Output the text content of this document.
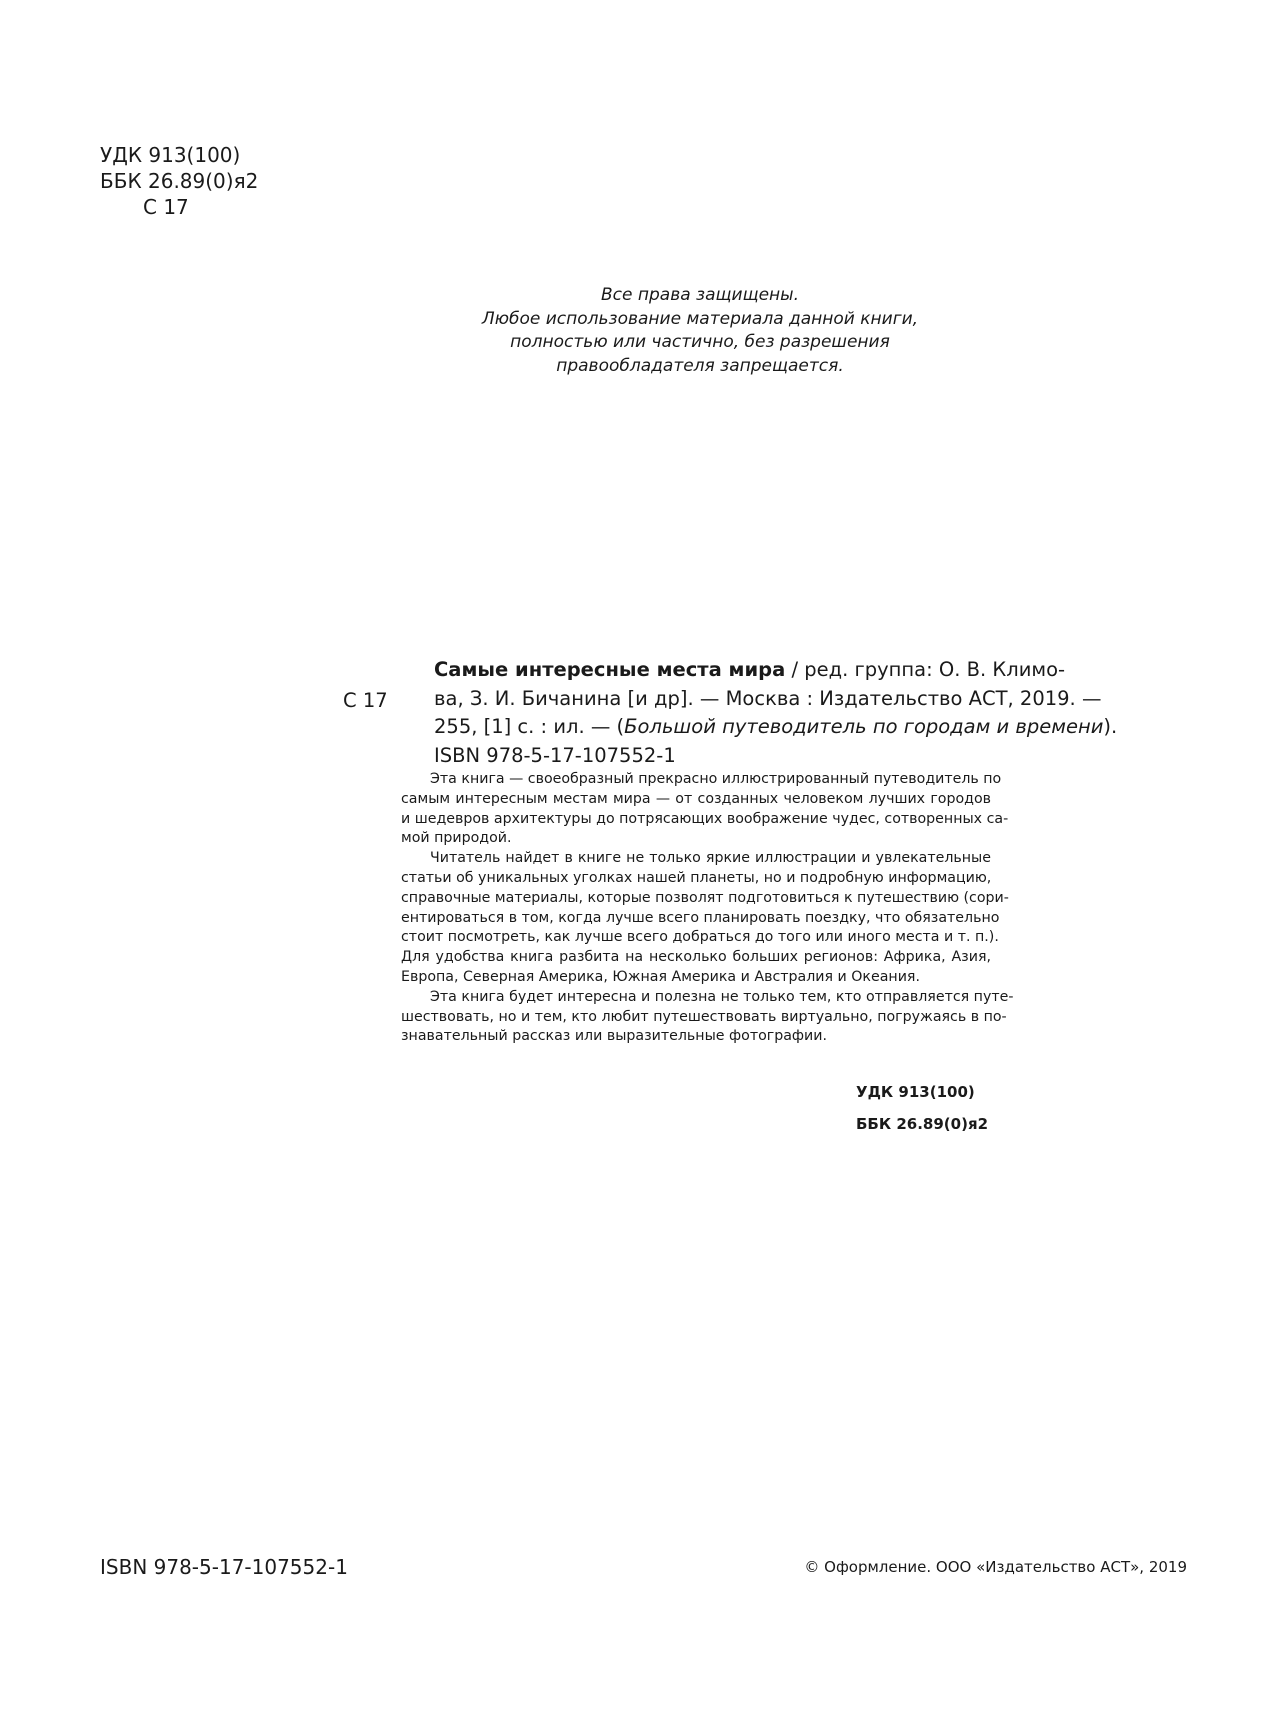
УДК 913(100)
ББК 26.89(0)я2
С 17
Все права защищены.
Любое использование материала данной книги,
полностью или частично, без разрешения
правообладателя запрещается.
С 17
Самые интересные места мира / ред. группа: О. В. Климо-
ва, З. И. Бичанина [и др]. — Москва : Издательство АСТ, 2019. —
255, [1] с. : ил. — (Большой путеводитель по городам и времени).
ISBN 978-5-17-107552-1
Эта книга — своеобразный прекрасно иллюстрированный путеводитель по
самым интересным местам мира — от созданных человеком лучших городов
и шедевров архитектуры до потрясающих воображение чудес, сотворенных са-
мой природой.
Читатель найдет в книге не только яркие иллюстрации и увлекательные
статьи об уникальных уголках нашей планеты, но и подробную информацию,
справочные материалы, которые позволят подготовиться к путешествию (сори-
ентироваться в том, когда лучше всего планировать поездку, что обязательно
стоит посмотреть, как лучше всего добраться до того или иного места и т. п.).
Для удобства книга разбита на несколько больших регионов: Африка, Азия,
Европа, Северная Америка, Южная Америка и Австралия и Океания.
Эта книга будет интересна и полезна не только тем, кто отправляется путе-
шествовать, но и тем, кто любит путешествовать виртуально, погружаясь в по-
знавательный рассказ или выразительные фотографии.
УДК 913(100)
ББК 26.89(0)я2
ISBN 978-5-17-107552-1	© Оформление. ООО «Издательство АСТ», 2019
